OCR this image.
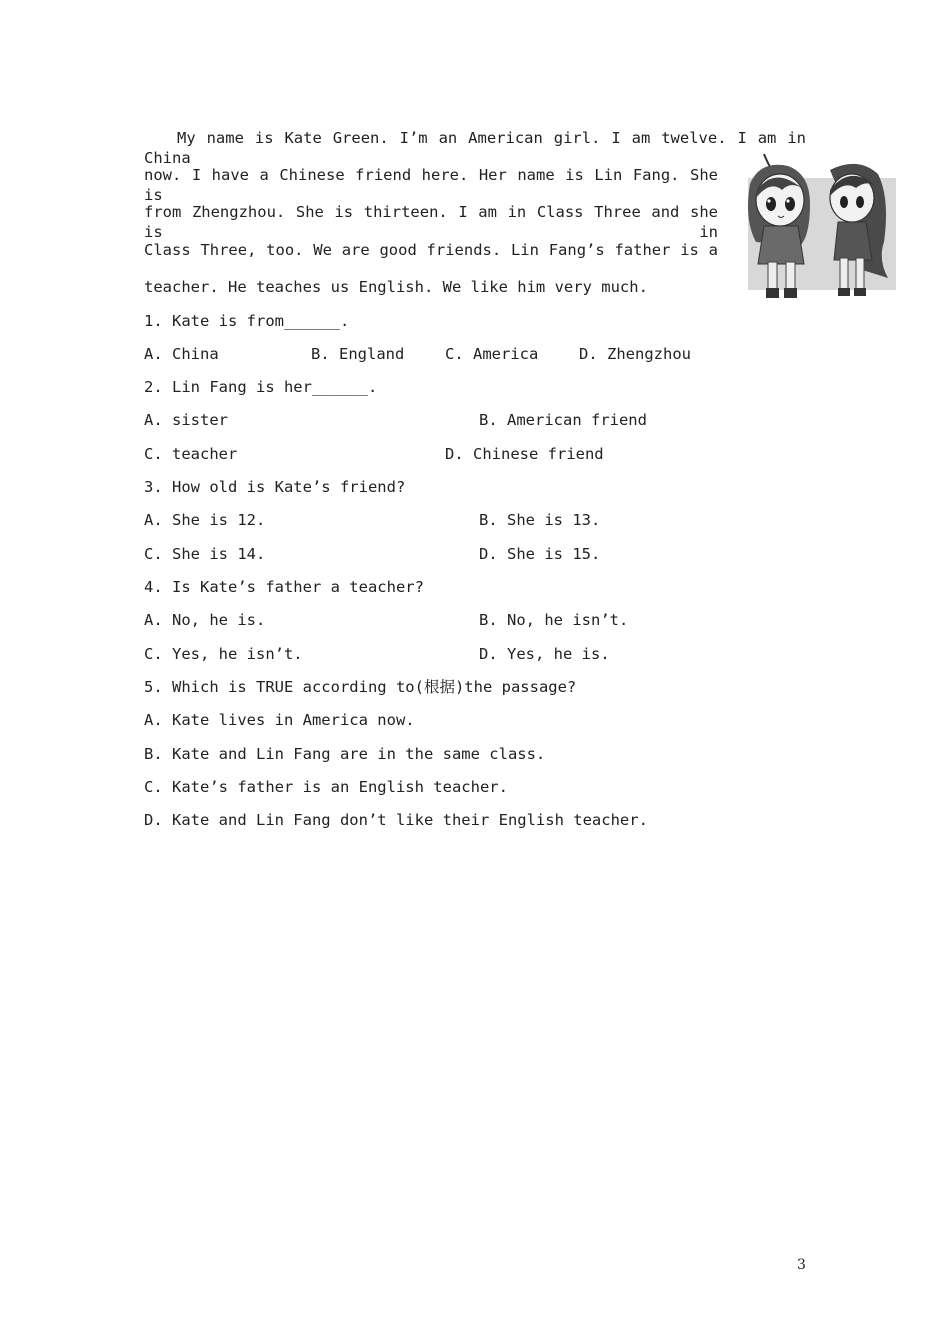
My name is Kate Green. I’m an American girl. I am twelve. I am in China
now. I have a Chinese friend here. Her name is Lin Fang. She is
from Zhengzhou. She is thirteen. I am in Class Three and she is in
Class Three, too. We are good friends. Lin Fang’s father is a
teacher. He teaches us English. We like him very much.
1. Kate is from______.
A. China	B. England	C. America	D. Zhengzhou
2. Lin Fang is her______.
A. sister	B. American friend
C. teacher	D. Chinese friend
3. How old is Kate’s friend?
A. She is 12.	B. She is 13.
C. She is 14.	D. She is 15.
4. Is Kate’s father a teacher?
A. No, he is.	B. No, he isn’t.
C. Yes, he isn’t.	D. Yes, he is.
5. Which is TRUE according to(根据)the passage?
A. Kate lives in America now.
B. Kate and Lin Fang are in the same class.
C. Kate’s father is an English teacher.
D. Kate and Lin Fang don’t like their English teacher.
3
